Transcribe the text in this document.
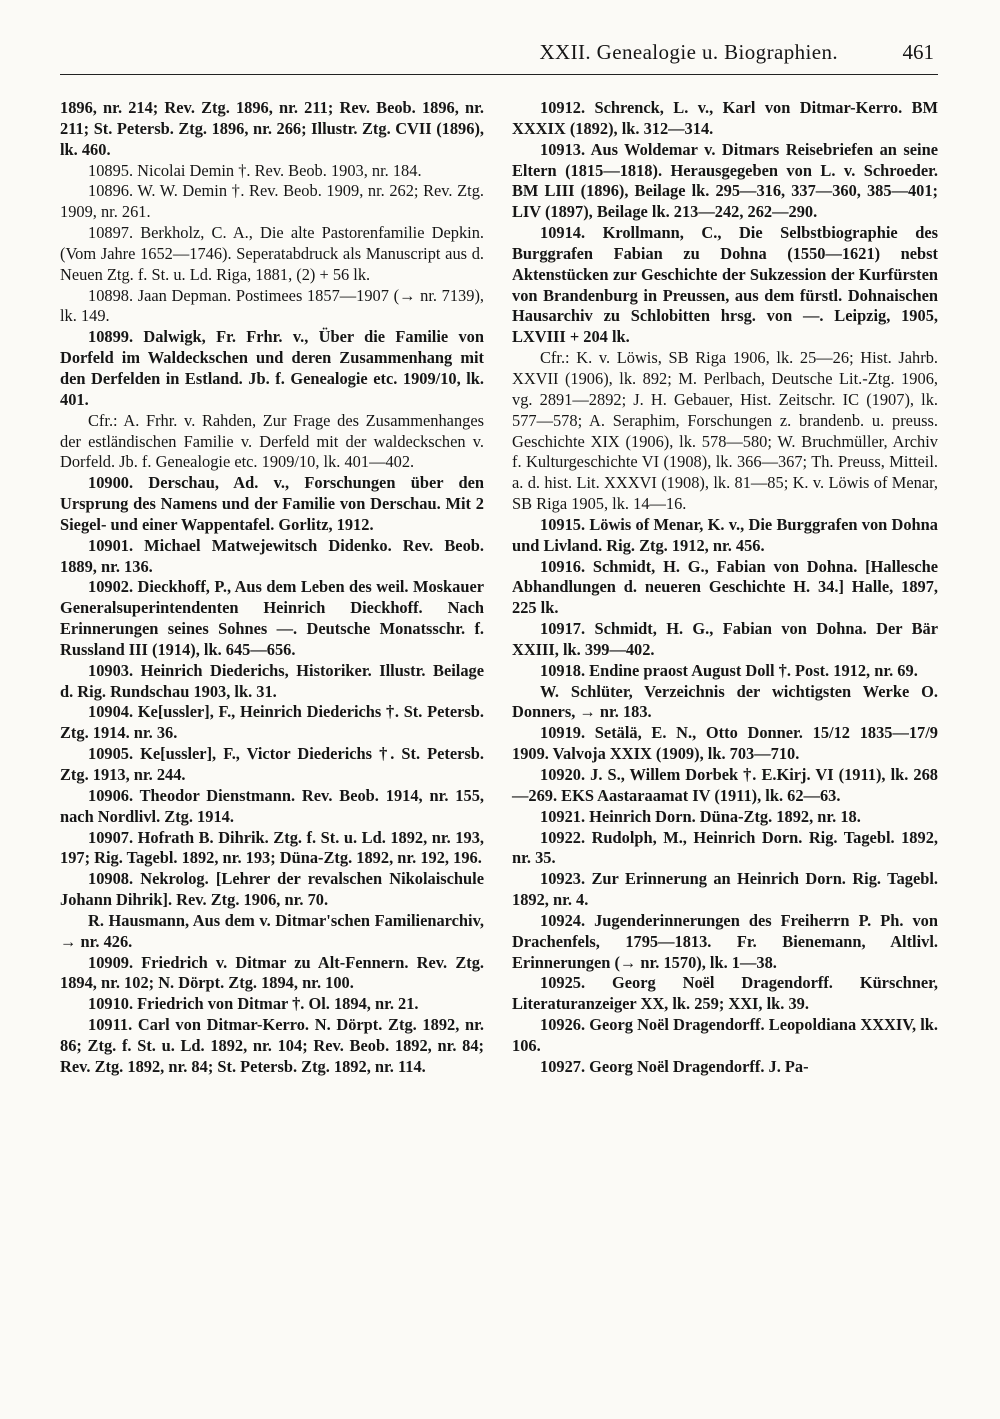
XXII. Genealogie u. Biographien.	461

1896, nr. 214; Rev. Ztg. 1896, nr. 211; Rev. Beob. 1896, nr. 211; St. Petersb. Ztg. 1896, nr. 266; Illustr. Ztg. CVII (1896), lk. 460.

10895. Nicolai Demin †. Rev. Beob. 1903, nr. 184.

10896. W. W. Demin †. Rev. Beob. 1909, nr. 262; Rev. Ztg. 1909, nr. 261.

10897. Berkholz, C. A., Die alte Pastorenfamilie Depkin. (Vom Jahre 1652—1746). Seperatabdruck als Manuscript aus d. Neuen Ztg. f. St. u. Ld. Riga, 1881, (2) + 56 lk.

10898. Jaan Depman. Postimees 1857—1907 (→ nr. 7139), lk. 149.

10899. Dalwigk, Fr. Frhr. v., Über die Familie von Dorfeld im Waldeckschen und deren Zusammenhang mit den Derfelden in Estland. Jb. f. Genealogie etc. 1909/10, lk. 401.

Cfr.: A. Frhr. v. Rahden, Zur Frage des Zusammenhanges der estländischen Familie v. Derfeld mit der waldeckschen v. Dorfeld. Jb. f. Genealogie etc. 1909/10, lk. 401—402.

10900. Derschau, Ad. v., Forschungen über den Ursprung des Namens und der Familie von Derschau. Mit 2 Siegel- und einer Wappentafel. Gorlitz, 1912.

10901. Michael Matwejewitsch Didenko. Rev. Beob. 1889, nr. 136.

10902. Dieckhoff, P., Aus dem Leben des weil. Moskauer Generalsuperintendenten Heinrich Dieckhoff. Nach Erinnerungen seines Sohnes —. Deutsche Monatsschr. f. Russland III (1914), lk. 645—656.

10903. Heinrich Diederichs, Historiker. Illustr. Beilage d. Rig. Rundschau 1903, lk. 31.

10904. Ke[ussler], F., Heinrich Diederichs †. St. Petersb. Ztg. 1914. nr. 36.

10905. Ke[ussler], F., Victor Diederichs †. St. Petersb. Ztg. 1913, nr. 244.

10906. Theodor Dienstmann. Rev. Beob. 1914, nr. 155, nach Nordlivl. Ztg. 1914.

10907. Hofrath B. Dihrik. Ztg. f. St. u. Ld. 1892, nr. 193, 197; Rig. Tagebl. 1892, nr. 193; Düna-Ztg. 1892, nr. 192, 196.

10908. Nekrolog. [Lehrer der revalschen Nikolaischule Johann Dihrik]. Rev. Ztg. 1906, nr. 70.

R. Hausmann, Aus dem v. Ditmar'schen Familienarchiv, → nr. 426.

10909. Friedrich v. Ditmar zu Alt-Fennern. Rev. Ztg. 1894, nr. 102; N. Dörpt. Ztg. 1894, nr. 100.

10910. Friedrich von Ditmar †. Ol. 1894, nr. 21.

10911. Carl von Ditmar-Kerro. N. Dörpt. Ztg. 1892, nr. 86; Ztg. f. St. u. Ld. 1892, nr. 104; Rev. Beob. 1892, nr. 84; Rev. Ztg. 1892, nr. 84; St. Petersb. Ztg. 1892, nr. 114.

10912. Schrenck, L. v., Karl von Ditmar-Kerro. BM XXXIX (1892), lk. 312—314.

10913. Aus Woldemar v. Ditmars Reisebriefen an seine Eltern (1815—1818). Herausgegeben von L. v. Schroeder. BM LIII (1896), Beilage lk. 295—316, 337—360, 385—401; LIV (1897), Beilage lk. 213—242, 262—290.

10914. Krollmann, C., Die Selbstbiographie des Burggrafen Fabian zu Dohna (1550—1621) nebst Aktenstücken zur Geschichte der Sukzession der Kurfürsten von Brandenburg in Preussen, aus dem fürstl. Dohnaischen Hausarchiv zu Schlobitten hrsg. von —. Leipzig, 1905, LXVIII + 204 lk.

Cfr.: K. v. Löwis, SB Riga 1906, lk. 25—26; Hist. Jahrb. XXVII (1906), lk. 892; M. Perlbach, Deutsche Lit.-Ztg. 1906, vg. 2891—2892; J. H. Gebauer, Hist. Zeitschr. IC (1907), lk. 577—578; A. Seraphim, Forschungen z. brandenb. u. preuss. Geschichte XIX (1906), lk. 578—580; W. Bruchmüller, Archiv f. Kulturgeschichte VI (1908), lk. 366—367; Th. Preuss, Mitteil. a. d. hist. Lit. XXXVI (1908), lk. 81—85; K. v. Löwis of Menar, SB Riga 1905, lk. 14—16.

10915. Löwis of Menar, K. v., Die Burggrafen von Dohna und Livland. Rig. Ztg. 1912, nr. 456.

10916. Schmidt, H. G., Fabian von Dohna. [Hallesche Abhandlungen d. neueren Geschichte H. 34.] Halle, 1897, 225 lk.

10917. Schmidt, H. G., Fabian von Dohna. Der Bär XXIII, lk. 399—402.

10918. Endine praost August Doll †. Post. 1912, nr. 69.

W. Schlüter, Verzeichnis der wichtigsten Werke O. Donners, → nr. 183.

10919. Setälä, E. N., Otto Donner. 15/12 1835—17/9 1909. Valvoja XXIX (1909), lk. 703—710.

10920. J. S., Willem Dorbek †. E.Kirj. VI (1911), lk. 268—269. EKS Aastaraamat IV (1911), lk. 62—63.

10921. Heinrich Dorn. Düna-Ztg. 1892, nr. 18.

10922. Rudolph, M., Heinrich Dorn. Rig. Tagebl. 1892, nr. 35.

10923. Zur Erinnerung an Heinrich Dorn. Rig. Tagebl. 1892, nr. 4.

10924. Jugenderinnerungen des Freiherrn P. Ph. von Drachenfels, 1795—1813. Fr. Bienemann, Altlivl. Erinnerungen (→ nr. 1570), lk. 1—38.

10925. Georg Noël Dragendorff. Kürschner, Literaturanzeiger XX, lk. 259; XXI, lk. 39.

10926. Georg Noël Dragendorff. Leopoldiana XXXIV, lk. 106.

10927. Georg Noël Dragendorff. J. Pa-
